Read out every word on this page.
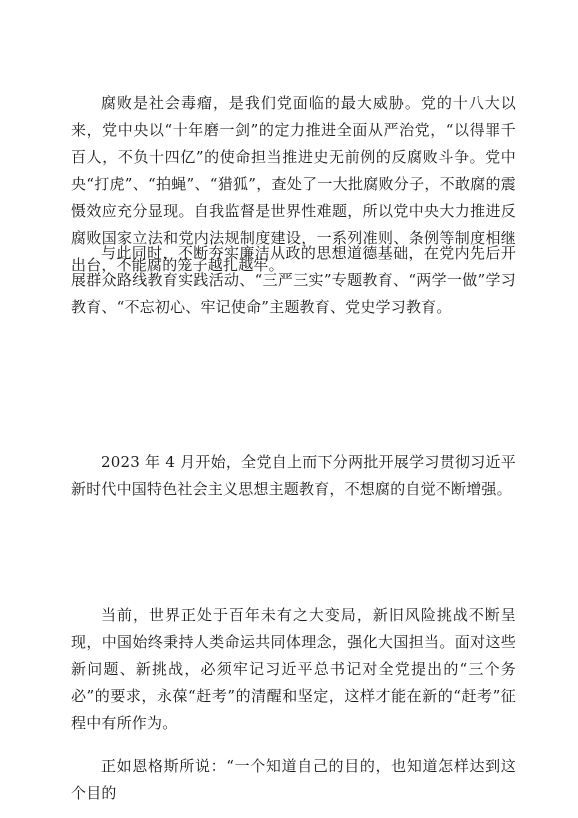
腐败是社会毒瘤，是我们党面临的最大威胁。党的十八大以来，党中央以“十年磨一剑”的定力推进全面从严治党，“以得罪千百人，不负十四亿”的使命担当推进史无前例的反腐败斗争。党中央“打虎”、“拍蝇”、“猎狐”，查处了一大批腐败分子，不敢腐的震慑效应充分显现。自我监督是世界性难题，所以党中央大力推进反腐败国家立法和党内法规制度建设，一系列准则、条例等制度相继出台，不能腐的笼子越扎越牢。

与此同时，不断夯实廉洁从政的思想道德基础，在党内先后开展群众路线教育实践活动、“三严三实”专题教育、“两学一做”学习教育、“不忘初心、牢记使命”主题教育、党史学习教育。

2023 年 4 月开始，全党自上而下分两批开展学习贯彻习近平新时代中国特色社会主义思想主题教育，不想腐的自觉不断增强。

当前，世界正处于百年未有之大变局，新旧风险挑战不断呈现，中国始终秉持人类命运共同体理念，强化大国担当。面对这些新问题、新挑战，必须牢记习近平总书记对全党提出的“三个务必”的要求，永葆“赶考”的清醒和坚定，这样才能在新的“赶考”征程中有所作为。

正如恩格斯所说：“一个知道自己的目的，也知道怎样达到这个目的
